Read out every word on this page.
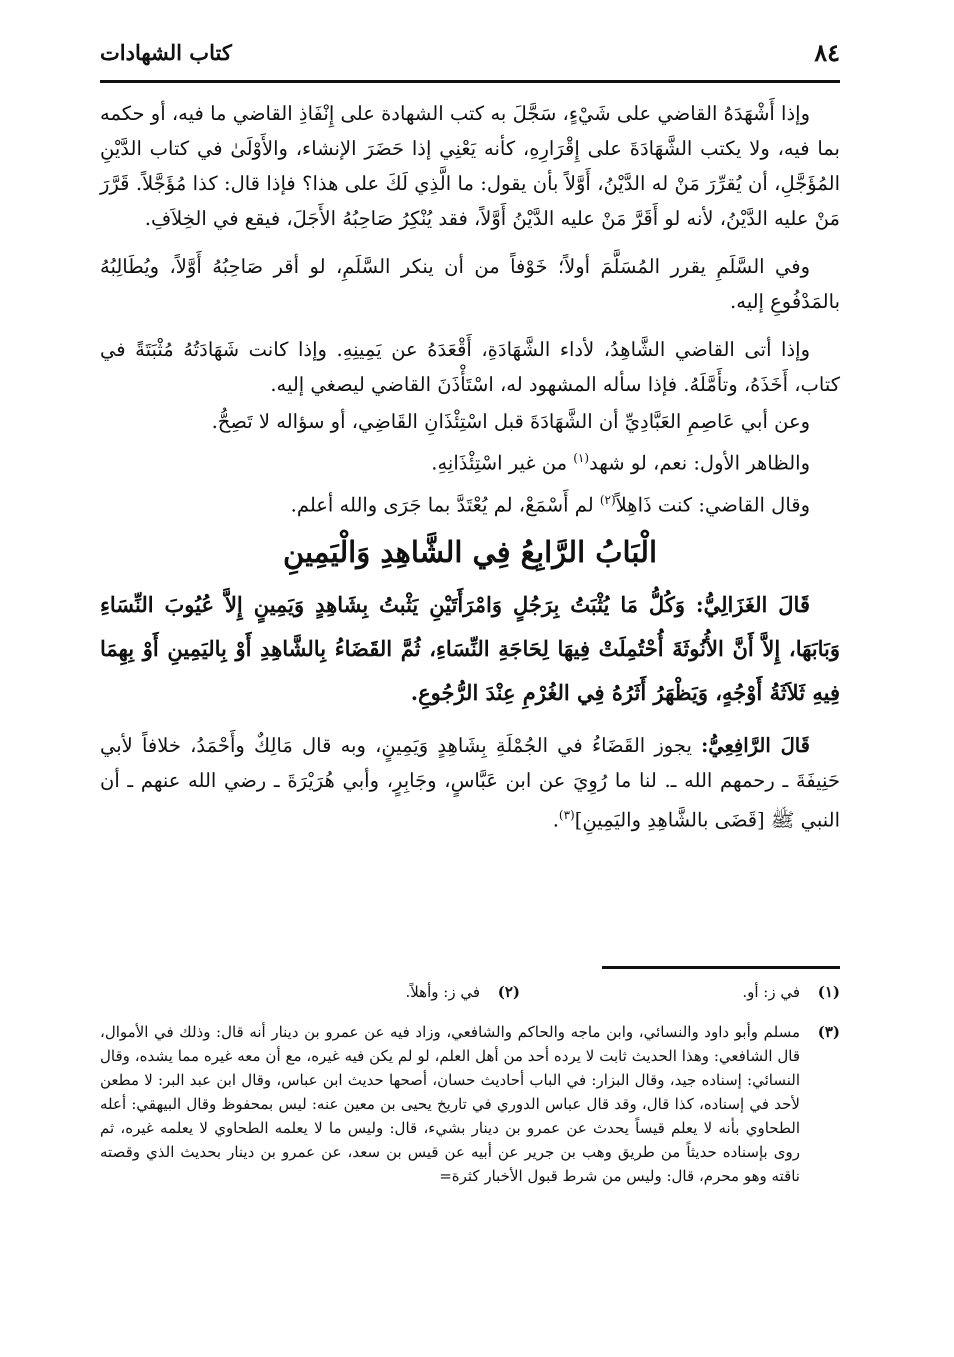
٨٤
كتاب الشهادات

وإذا أَشْهَدَهُ القاضي على شَيْءٍ، سَجَّلَ به كتب الشهادة على إِنْفَاذِ القاضي ما فيه، أو حكمه بما فيه، ولا يكتب الشَّهَادَةَ على إِقْرَارِهِ، كأنه يَعْنِي إذا حَضَرَ الإنشاء، والأَوْلَىٰ في كتاب الدَّيْنِ المُؤَجَّلِ، أن يُقرِّرَ مَنْ له الدَّيْنُ، أَوَّلاً بأن يقول: ما الَّذِي لَكَ على هذا؟ فإذا قال: كذا مُؤَجَّلاً. قَرَّرَ مَنْ عليه الدَّيْنُ، لأنه لو أَقَرَّ مَنْ عليه الدَّيْنُ أَوَّلاً، فقد يُنْكِرُ صَاحِبُهُ الأَجَلَ، فيقع في الخِلاَفِ.

وفي السَّلَمِ يقرر المُسَلَّمَ أولاً؛ خَوْفاً من أن ينكر السَّلَمِ، لو أقر صَاحِبُهُ أَوَّلاً، ويُطَالِبُهُ بالمَدْفُوعِ إليه.

وإذا أتى القاضي الشَّاهِدُ، لأداء الشَّهَادَةِ، أَقْعَدَهُ عن يَمِينِهِ. وإذا كانت شَهَادَتُهُ مُثْبَتَةً في كتاب، أَخَذَهُ، وتأَمَّلَهُ. فإذا سأله المشهود له، اسْتَأْذَنَ القاضي ليصغي إليه.

وعن أبي عَاصِمِ العَبَّادِيِّ أن الشَّهَادَةَ قبل اسْتِئْذَانِ القَاضِي، أو سؤاله لا تَصِحُّ.

والظاهر الأول: نعم، لو شهد$^{(١)}$ من غير اسْتِئْذَانِهِ.

وقال القاضي: كنت ذَاهِلاً$^{(٢)}$ لم أَسْمَعْ، لم يُعْتَدَّ بما جَرَى والله أعلم.

الْبَابُ الرَّابِعُ فِي الشَّاهِدِ وَالْيَمِينِ

قَالَ الغَزَالِيُّ: وَكُلُّ مَا يُثْبَتُ بِرَجُلٍ وَامْرَأَتَيْنِ يَثْبتُ بِشَاهِدٍ وَيَمِينٍ إِلاَّ عُيُوبَ النِّسَاءِ وَبَابَهَا، إِلاَّ أَنَّ الأُنُوثَةَ أُحْتُمِلَتْ فِيهَا لِحَاجَةِ النِّسَاءِ، ثُمَّ القَضَاءُ بِالشَّاهِدِ أَوْ بِاليَمِينِ أَوْ بِهِمَا فِيهِ ثَلاَثَةُ أَوْجُهٍ، وَيَظْهَرُ أَثَرُهُ فِي الغُرْمِ عِنْدَ الرُّجُوعِ.

قَالَ الرَّافِعِيُّ: يجوز القَضَاءُ في الجُمْلَةِ بِشَاهِدٍ وَيَمِينٍ، وبه قال مَالِكٌ وأَحْمَدُ، خلافاً لأبي حَنِيفَةَ ـ رحمهم الله ـ. لنا ما رُوِيَ عن ابن عَبَّاسٍ، وجَابِرٍ، وأبي هُرَيْرَةَ ـ رضي الله عنهم ـ أن النبي ﷺ [قَضَى بالشَّاهِدِ واليَمِينِ]$^{(٣)}$.

(١)
في ز: أو.
(٢)
في ز: وأهلاً.
(٣)
مسلم وأبو داود والنسائي، وابن ماجه والحاكم والشافعي، وزاد فيه عن عمرو بن دينار أنه قال: وذلك في الأموال، قال الشافعي: وهذا الحديث ثابت لا يرده أحد من أهل العلم، لو لم يكن فيه غيره، مع أن معه غيره مما يشده، وقال النسائي: إسناده جيد، وقال البزار: في الباب أحاديث حسان، أصحها حديث ابن عباس، وقال ابن عبد البر: لا مطعن لأحد في إسناده، كذا قال، وقد قال عباس الدوري في تاريخ يحيى بن معين عنه: ليس بمحفوظ وقال البيهقي: أعله الطحاوي بأنه لا يعلم قيساً يحدث عن عمرو بن دينار بشيء، قال: وليس ما لا يعلمه الطحاوي لا يعلمه غيره، ثم روى بإسناده حديثاً من طريق وهب بن جرير عن أبيه عن قيس بن سعد، عن عمرو بن دينار بحديث الذي وقصته ناقته وهو محرم، قال: وليس من شرط قبول الأخبار كثرة=
